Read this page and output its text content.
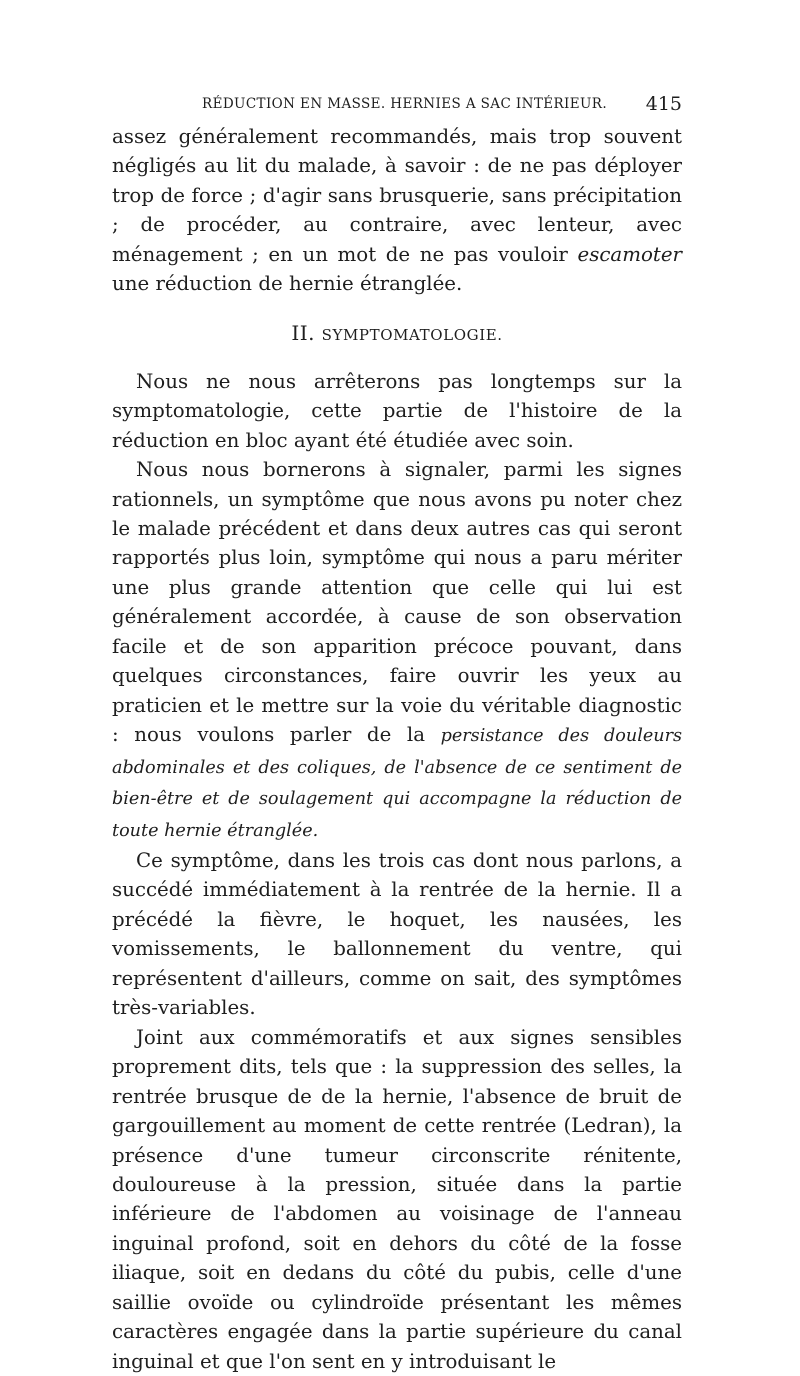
RÉDUCTION EN MASSE. HERNIES A SAC INTÉRIEUR. 415

assez généralement recommandés, mais trop souvent négligés au lit du malade, à savoir : de ne pas déployer trop de force ; d'agir sans brusquerie, sans précipitation ; de procéder, au contraire, avec lenteur, avec ménagement ; en un mot de ne pas vouloir escamoter une réduction de hernie étranglée.

II. SYMPTOMATOLOGIE.

Nous ne nous arrêterons pas longtemps sur la symptomatologie, cette partie de l'histoire de la réduction en bloc ayant été étudiée avec soin.

Nous nous bornerons à signaler, parmi les signes rationnels, un symptôme que nous avons pu noter chez le malade précédent et dans deux autres cas qui seront rapportés plus loin, symptôme qui nous a paru mériter une plus grande attention que celle qui lui est généralement accordée, à cause de son observation facile et de son apparition précoce pouvant, dans quelques circonstances, faire ouvrir les yeux au praticien et le mettre sur la voie du véritable diagnostic : nous voulons parler de la persistance des douleurs abdominales et des coliques, de l'absence de ce sentiment de bien-être et de soulagement qui accompagne la réduction de toute hernie étranglée.

Ce symptôme, dans les trois cas dont nous parlons, a succédé immédiatement à la rentrée de la hernie. Il a précédé la fièvre, le hoquet, les nausées, les vomissements, le ballonnement du ventre, qui représentent d'ailleurs, comme on sait, des symptômes très-variables.

Joint aux commémoratifs et aux signes sensibles proprement dits, tels que : la suppression des selles, la rentrée brusque de de la hernie, l'absence de bruit de gargouillement au moment de cette rentrée (Ledran), la présence d'une tumeur circonscrite rénitente, douloureuse à la pression, située dans la partie inférieure de l'abdomen au voisinage de l'anneau inguinal profond, soit en dehors du côté de la fosse iliaque, soit en dedans du côté du pubis, celle d'une saillie ovoïde ou cylindroïde présentant les mêmes caractères engagée dans la partie supérieure du canal inguinal et que l'on sent en y introduisant le
